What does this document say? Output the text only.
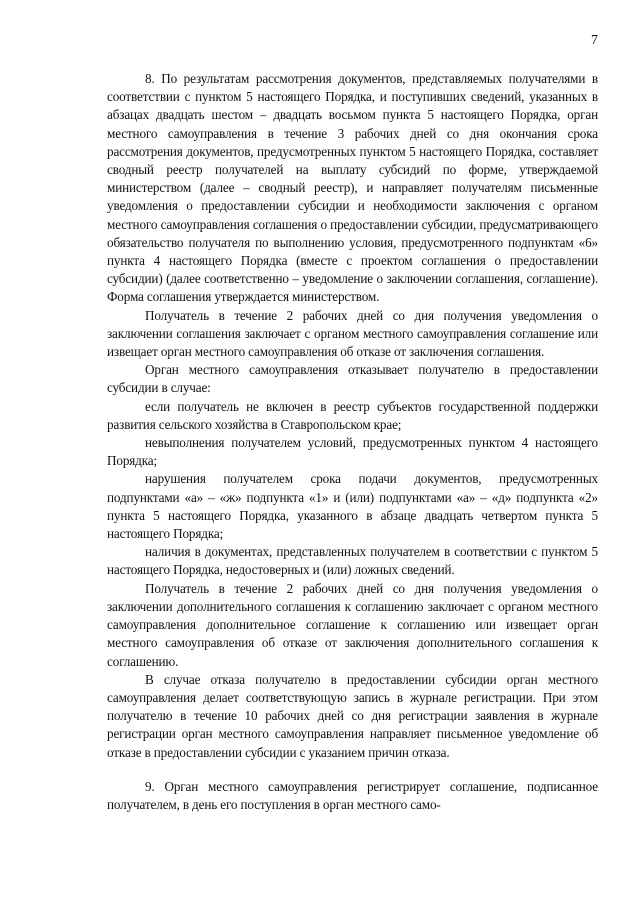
7

8. По результатам рассмотрения документов, представляемых получателями в соответствии с пунктом 5 настоящего Порядка, и поступивших сведений, указанных в абзацах двадцать шестом – двадцать восьмом пункта 5 настоящего Порядка, орган местного самоуправления в течение 3 рабочих дней со дня окончания срока рассмотрения документов, предусмотренных пунктом 5 настоящего Порядка, составляет сводный реестр получателей на выплату субсидий по форме, утверждаемой министерством (далее – сводный реестр), и направляет получателям письменные уведомления о предоставлении субсидии и необходимости заключения с органом местного самоуправления соглашения о предоставлении субсидии, предусматривающего обязательство получателя по выполнению условия, предусмотренного подпунктам «6» пункта 4 настоящего Порядка (вместе с проектом соглашения о предоставлении субсидии) (далее соответственно – уведомление о заключении соглашения, соглашение). Форма соглашения утверждается министерством.

Получатель в течение 2 рабочих дней со дня получения уведомления о заключении соглашения заключает с органом местного самоуправления соглашение или извещает орган местного самоуправления об отказе от заключения соглашения.

Орган местного самоуправления отказывает получателю в предоставлении субсидии в случае:

если получатель не включен в реестр субъектов государственной поддержки развития сельского хозяйства в Ставропольском крае;

невыполнения получателем условий, предусмотренных пунктом 4 настоящего Порядка;

нарушения получателем срока подачи документов, предусмотренных подпунктами «а» – «ж» подпункта «1» и (или) подпунктами «а» – «д» подпункта «2» пункта 5 настоящего Порядка, указанного в абзаце двадцать четвертом пункта 5 настоящего Порядка;

наличия в документах, представленных получателем в соответствии с пунктом 5 настоящего Порядка, недостоверных и (или) ложных сведений.

Получатель в течение 2 рабочих дней со дня получения уведомления о заключении дополнительного соглашения к соглашению заключает с органом местного самоуправления дополнительное соглашение к соглашению или извещает орган местного самоуправления об отказе от заключения дополнительного соглашения к соглашению.

В случае отказа получателю в предоставлении субсидии орган местного самоуправления делает соответствующую запись в журнале регистрации. При этом получателю в течение 10 рабочих дней со дня регистрации заявления в журнале регистрации орган местного самоуправления направляет письменное уведомление об отказе в предоставлении субсидии с указанием причин отказа.

9. Орган местного самоуправления регистрирует соглашение, подписанное получателем, в день его поступления в орган местного само-
